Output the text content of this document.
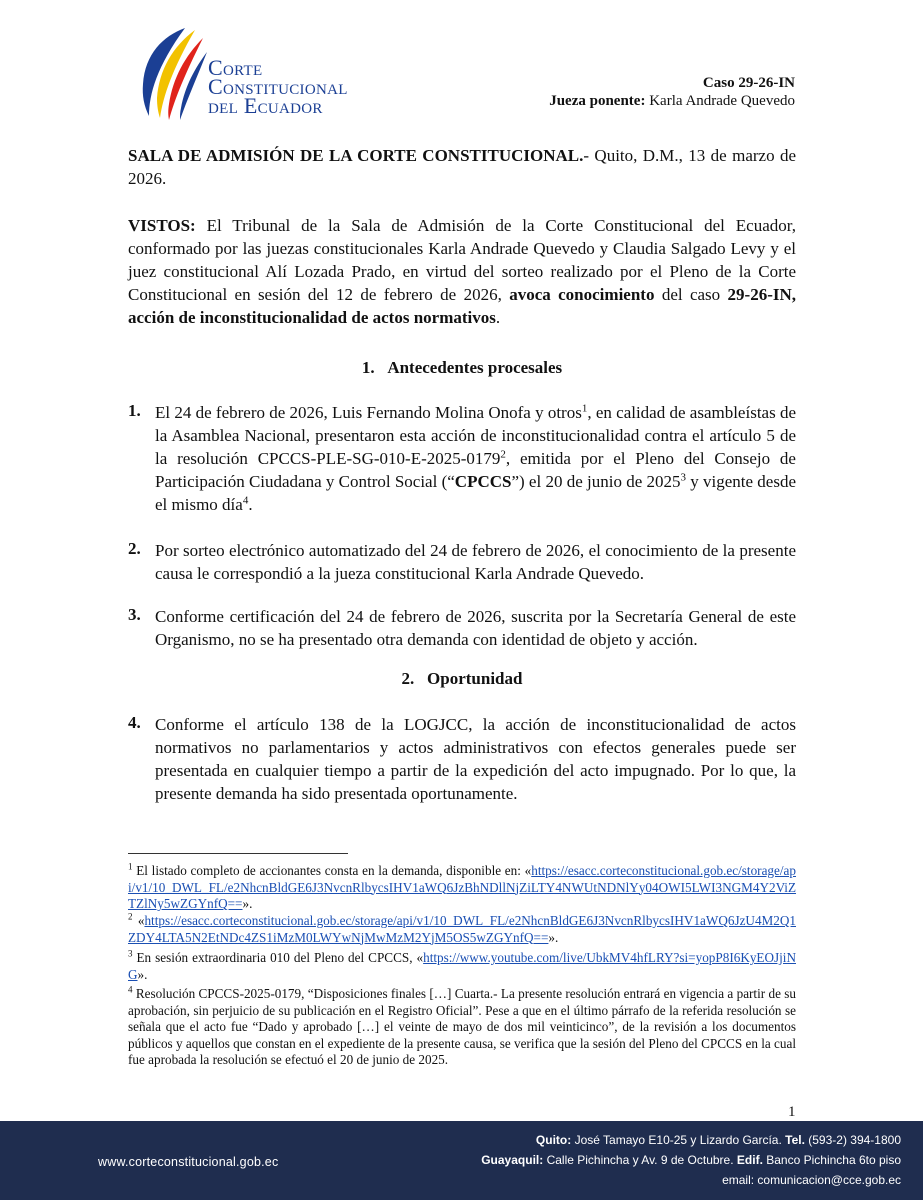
Corte
Constitucional
del Ecuador
Caso 29-26-IN
Jueza ponente: Karla Andrade Quevedo
SALA DE ADMISIÓN DE LA CORTE CONSTITUCIONAL.- Quito, D.M., 13 de marzo de 2026.
VISTOS: El Tribunal de la Sala de Admisión de la Corte Constitucional del Ecuador, conformado por las juezas constitucionales Karla Andrade Quevedo y Claudia Salgado Levy y el juez constitucional Alí Lozada Prado, en virtud del sorteo realizado por el Pleno de la Corte Constitucional en sesión del 12 de febrero de 2026, avoca conocimiento del caso 29-26-IN, acción de inconstitucionalidad de actos normativos.
1.   Antecedentes procesales
1. El 24 de febrero de 2026, Luis Fernando Molina Onofa y otros$^1$, en calidad de asambleístas de la Asamblea Nacional, presentaron esta acción de inconstitucionalidad contra el artículo 5 de la resolución CPCCS-PLE-SG-010-E-2025-0179$^2$, emitida por el Pleno del Consejo de Participación Ciudadana y Control Social (“CPCCS”) el 20 de junio de 2025$^3$ y vigente desde el mismo día$^4$.
2. Por sorteo electrónico automatizado del 24 de febrero de 2026, el conocimiento de la presente causa le correspondió a la jueza constitucional Karla Andrade Quevedo.
3. Conforme certificación del 24 de febrero de 2026, suscrita por la Secretaría General de este Organismo, no se ha presentado otra demanda con identidad de objeto y acción.
2.   Oportunidad
4. Conforme el artículo 138 de la LOGJCC, la acción de inconstitucionalidad de actos normativos no parlamentarios y actos administrativos con efectos generales puede ser presentada en cualquier tiempo a partir de la expedición del acto impugnado. Por lo que, la presente demanda ha sido presentada oportunamente.
$^1$ El listado completo de accionantes consta en la demanda, disponible en: «https://esacc.corteconstitucional.gob.ec/storage/api/v1/10_DWL_FL/e2NhcnBldGE6J3NvcnRlbycsIHV1aWQ6JzBhNDllNjZiLTY4NWUtNDNlYy04OWI5LWI3NGM4Y2ViZTZlNy5wZGYnfQ==».
$^2$ «https://esacc.corteconstitucional.gob.ec/storage/api/v1/10_DWL_FL/e2NhcnBldGE6J3NvcnRlbycsIHV1aWQ6JzU4M2Q1ZDY4LTA5N2EtNDc4ZS1iMzM0LWYwNjMwMzM2YjM5OS5wZGYnfQ==».
$^3$ En sesión extraordinaria 010 del Pleno del CPCCS, «https://www.youtube.com/live/UbkMV4hfLRY?si=yopP8I6KyEOJjiNG».
$^4$ Resolución CPCCS-2025-0179, “Disposiciones finales […] Cuarta.- La presente resolución entrará en vigencia a partir de su aprobación, sin perjuicio de su publicación en el Registro Oficial”. Pese a que en el último párrafo de la referida resolución se señala que el acto fue “Dado y aprobado […] el veinte de mayo de dos mil veinticinco”, de la revisión a los documentos públicos y aquellos que constan en el expediente de la presente causa, se verifica que la sesión del Pleno del CPCCS en la cual fue aprobada la resolución se efectuó el 20 de junio de 2025.
1
www.corteconstitucional.gob.ec
Quito: José Tamayo E10-25 y Lizardo García. Tel. (593-2) 394-1800
Guayaquil: Calle Pichincha y Av. 9 de Octubre. Edif. Banco Pichincha 6to piso
email: comunicacion@cce.gob.ec
